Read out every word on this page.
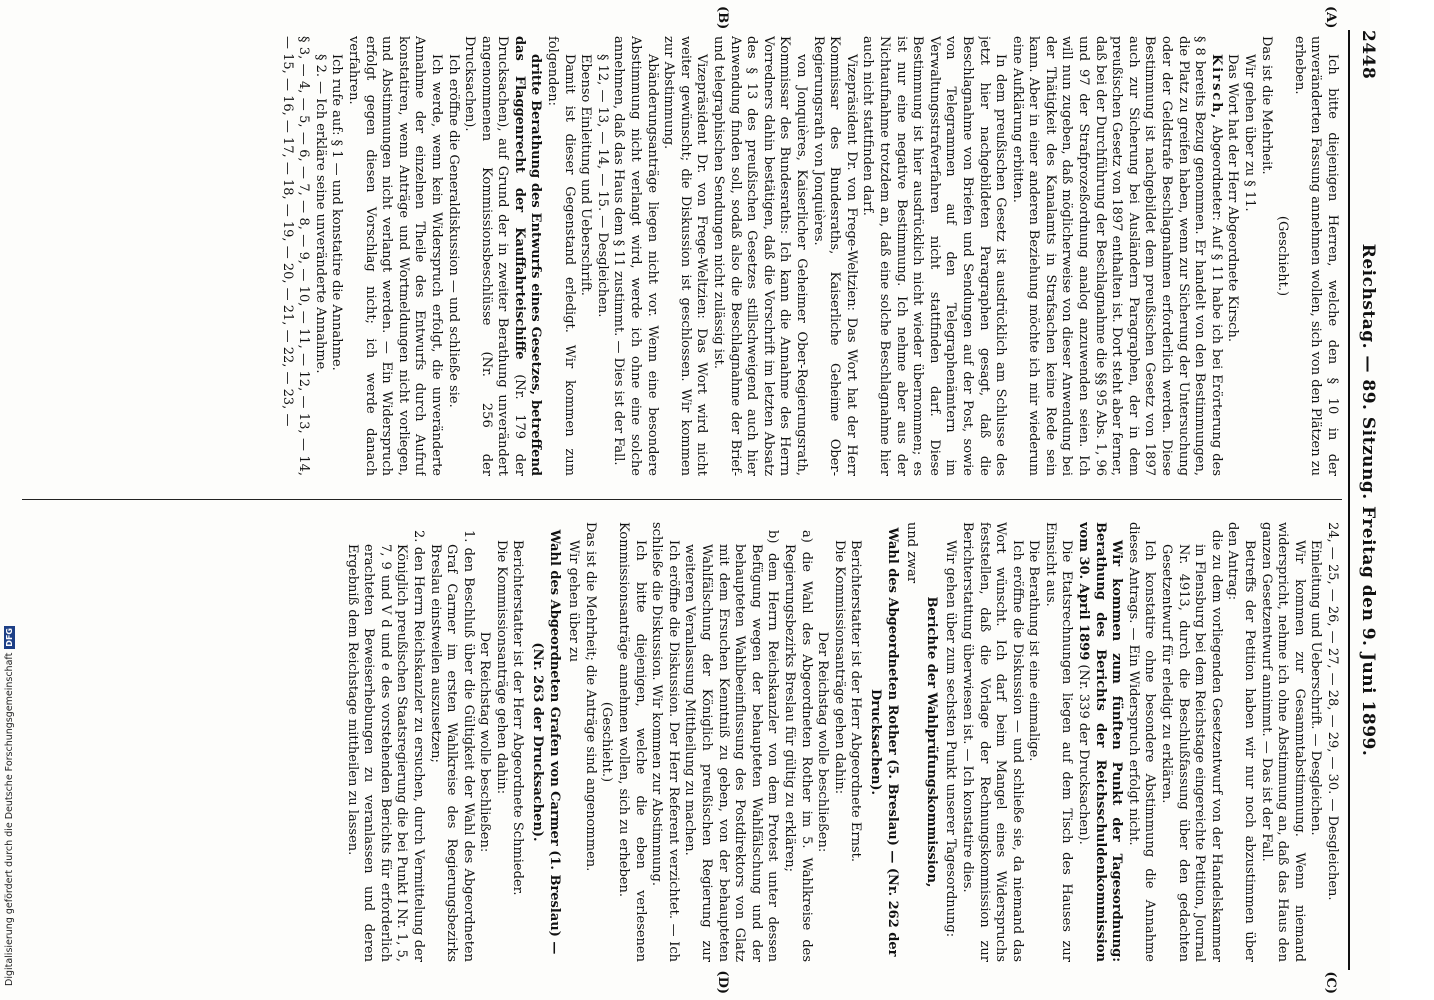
2448
Reichstag. — 89. Sitzung. Freitag den 9. Juni 1899.
(A)
(B)
(C)
(D)

Ich bitte diejenigen Herren, welche den § 10 in der unveränderten Fassung annehmen wollen, sich von den Plätzen zu erheben.

(Geschieht.)

Das ist die Mehrheit.

Wir gehen über zu § 11.

Das Wort hat der Herr Abgeordnete Kirsch.

Kirsch, Abgeordneter: Auf § 11 habe ich bei Erörterung des § 8 bereits Bezug genommen. Er handelt von den Bestimmungen, die Platz zu greifen haben, wenn zur Sicherung der Untersuchung oder der Geldstrafe Beschlagnahmen erforderlich werden. Diese Bestimmung ist nachgebildet dem preußischen Gesetz von 1897 auch zur Sicherung bei Ausländern Paragraphen, der in dem preußischen Gesetz von 1897 enthalten ist. Dort steht aber ferner, daß bei der Durchführung der Beschlagnahme die §§ 95 Abs. 1, 96 und 97 der Strafprozeßordnung analog anzuwenden seien. Ich will nun zugeben, daß möglicherweise von dieser Anwendung bei der Thätigkeit des Kanalamts in Strafsachen keine Rede sein kann. Aber in einer anderen Beziehung möchte ich mir wiederum eine Aufklärung erbitten.

In dem preußischen Gesetz ist ausdrücklich am Schlusse des jetzt hier nachgebildeten Paragraphen gesagt, daß die Beschlagnahme von Briefen und Sendungen auf der Post, sowie von Telegrammen auf den Telegraphenämtern im Verwaltungsstrafverfahren nicht stattfinden darf. Diese Bestimmung ist hier ausdrücklich nicht wieder übernommen; es ist nur eine negative Bestimmung. Ich nehme aber aus der Nichtaufnahme trotzdem an, daß eine solche Beschlagnahme hier auch nicht stattfinden darf.

Vizepräsident Dr. von Frege-Weltzien: Das Wort hat der Herr Kommissar des Bundesraths, Kaiserliche Geheime Ober-Regierungsrath von Jonquières.

von Jonquières, Kaiserlicher Geheimer Ober-Regierungsrath, Kommissar des Bundesraths: Ich kann die Annahme des Herrn Vorredners dahin bestätigen, daß die Vorschrift im letzten Absatz des § 13 des preußischen Gesetzes stillschweigend auch hier Anwendung finden soll, sodaß also die Beschlagnahme der Brief- und telegraphischen Sendungen nicht zulässig ist.

Vizepräsident Dr. von Frege-Weltzien: Das Wort wird nicht weiter gewünscht; die Diskussion ist geschlossen. Wir kommen zur Abstimmung.

Abänderungsanträge liegen nicht vor. Wenn eine besondere Abstimmung nicht verlangt wird, werde ich ohne eine solche annehmen, daß das Haus dem § 11 zustimmt. — Dies ist der Fall.

§ 12, — 13, — 14, — 15. — Desgleichen.

Ebenso Einleitung und Ueberschrift.

Damit ist dieser Gegenstand erledigt. Wir kommen zum folgenden:

dritte Berathung des Entwurfs eines Gesetzes, betreffend das Flaggenrecht der Kauffahrteischiffe (Nr. 179 der Drucksachen), auf Grund der in zweiter Berathung unverändert angenommenen Kommissionsbeschlüsse (Nr. 256 der Drucksachen).

Ich eröffne die Generaldiskussion — und schließe sie.

Ich werde, wenn kein Widerspruch erfolgt, die unveränderte Annahme der einzelnen Theile des Entwurfs durch Aufruf konstatiren, wenn Anträge und Wortmeldungen nicht vorliegen, und Abstimmungen nicht verlangt werden. — Ein Widerspruch erfolgt gegen diesen Vorschlag nicht; ich werde danach verfahren.

Ich rufe auf: § 1 — und konstatire die Annahme.

§ 2. — Ich erkläre seine unveränderte Annahme.

§ 3, — 4, — 5, — 6, — 7, — 8, — 9, — 10, — 11, — 12, — 13, — 14, — 15, — 16, — 17, — 18, — 19, — 20, — 21, — 22, — 23, —

24, — 25, — 26, — 27, — 28, — 29, — 30. — Desgleichen.

Einleitung und Ueberschrift. — Desgleichen.

Wir kommen zur Gesammtabstimmung. Wenn niemand widerspricht, nehme ich ohne Abstimmung an, daß das Haus den ganzen Gesetzentwurf annimmt. — Das ist der Fall.

Betreffs der Petition haben wir nur noch abzustimmen über den Antrag:

die zu dem vorliegenden Gesetzentwurf von der Handelskammer in Flensburg bei dem Reichstage eingereichte Petition, Journal Nr. 4913, durch die Beschlußfassung über den gedachten Gesetzentwurf für erledigt zu erklären.

Ich konstatire ohne besondere Abstimmung die Annahme dieses Antrags. — Ein Widerspruch erfolgt nicht.

Wir kommen zum fünften Punkt der Tagesordnung: Berathung des Berichts der Reichsschuldenkommission vom 30. April 1899 (Nr. 339 der Drucksachen).

Die Etatsrechnungen liegen auf dem Tisch des Hauses zur Einsicht aus.

Die Berathung ist eine einmalige.

Ich eröffne die Diskussion — und schließe sie, da niemand das Wort wünscht. Ich darf beim Mangel eines Widerspruchs feststellen, daß die Vorlage der Rechnungskommission zur Berichterstattung überwiesen ist. — Ich konstatire dies.

Wir gehen über zum sechsten Punkt unserer Tagesordnung:

Berichte der Wahlprüfungskommission,

und zwar

Wahl des Abgeordneten Rother (5. Breslau) — (Nr. 262 der Drucksachen).

Berichterstatter ist der Herr Abgeordnete Ernst.

Die Kommissionsanträge gehen dahin:

Der Reichstag wolle beschließen:

a) die Wahl des Abgeordneten Rother im 5. Wahlkreise des Regierungsbezirks Breslau für gültig zu erklären;

b) dem Herrn Reichskanzler von dem Protest unter dessen Befügung wegen der behaupteten Wahlfälschung und der behaupteten Wahlbeeinflussung des Postdirektors von Glatz mit dem Ersuchen Kenntniß zu geben, von der behaupteten Wahlfälschung der Königlich preußischen Regierung zur weiteren Veranlassung Mittheilung zu machen.

Ich eröffne die Diskussion. Der Herr Referent verzichtet. — Ich schließe die Diskussion. Wir kommen zur Abstimmung.

Ich bitte diejenigen, welche die eben verlesenen Kommissionsanträge annehmen wollen, sich zu erheben.

(Geschieht.)

Das ist die Mehrheit; die Anträge sind angenommen.

Wir gehen über zu

Wahl des Abgeordneten Grafen von Carmer (1. Breslau) — (Nr. 263 der Drucksachen).

Berichterstatter ist der Herr Abgeordnete Schmieder.

Die Kommissionsanträge gehen dahin:

Der Reichstag wolle beschließen:

1. den Beschluß über die Gültigkeit der Wahl des Abgeordneten Graf Carmer im ersten Wahlkreise des Regierungsbezirks Breslau einstweilen auszusetzen;

2. den Herrn Reichskanzler zu ersuchen, durch Vermittelung der Königlich preußischen Staatsregierung die bei Punkt I Nr. 1, 5, 7, 9 und V d und e des vorstehenden Berichts für erforderlich erachteten Beweiserhebungen zu veranlassen und deren Ergebniß dem Reichstage mittheilen zu lassen.

Digitalisierung gefördert durch die Deutsche Forschungsgemeinschaft
DFG
